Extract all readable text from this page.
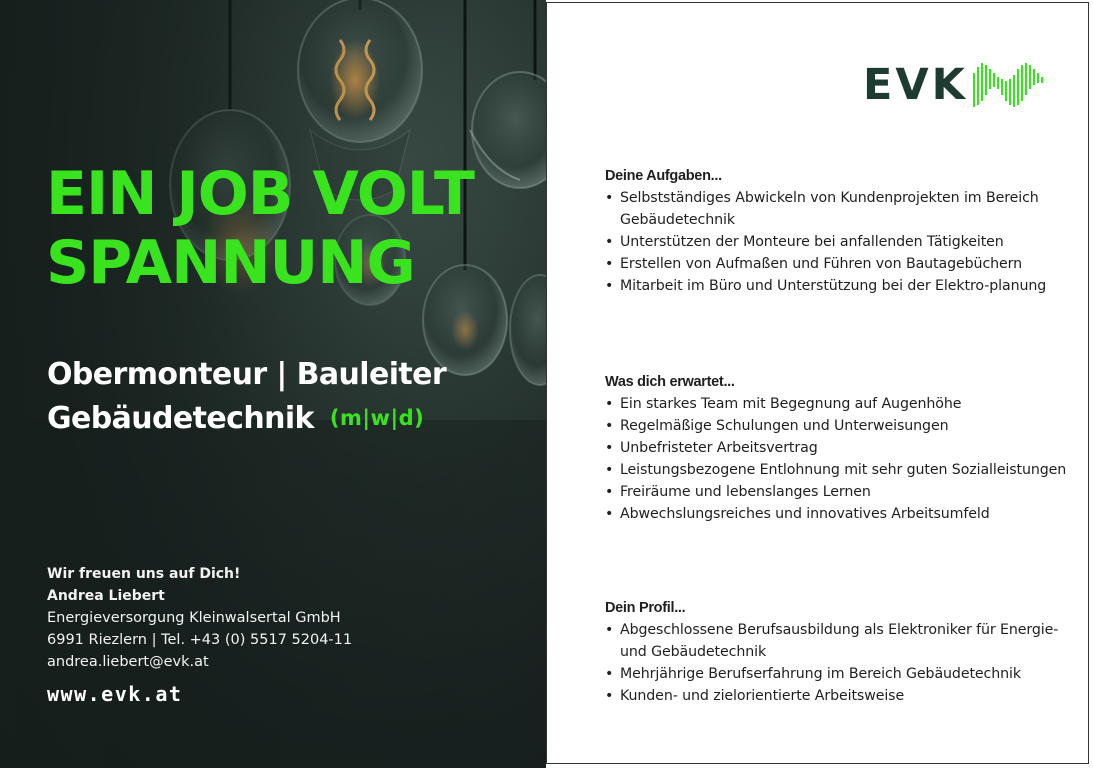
EIN JOB VOLT
SPANNUNG
Obermonteur | Bauleiter
Gebäudetechnik (m|w|d)
Wir freuen uns auf Dich!
Andrea Liebert
Energieversorgung Kleinwalsertal GmbH
6991 Riezlern | Tel. +43 (0) 5517 5204-11
andrea.liebert@evk.at
www.evk.at
EVK
Deine Aufgaben...
• Selbstständiges Abwickeln von Kundenprojekten im Bereich Gebäudetechnik
• Unterstützen der Monteure bei anfallenden Tätigkeiten
• Erstellen von Aufmaßen und Führen von Bautagebüchern
• Mitarbeit im Büro und Unterstützung bei der Elektro-planung
Was dich erwartet...
• Ein starkes Team mit Begegnung auf Augenhöhe
• Regelmäßige Schulungen und Unterweisungen
• Unbefristeter Arbeitsvertrag
• Leistungsbezogene Entlohnung mit sehr guten Sozialleistungen
• Freiräume und lebenslanges Lernen
• Abwechslungsreiches und innovatives Arbeitsumfeld
Dein Profil...
• Abgeschlossene Berufsausbildung als Elektroniker für Energie- und Gebäudetechnik
• Mehrjährige Berufserfahrung im Bereich Gebäudetechnik
• Kunden- und zielorientierte Arbeitsweise
